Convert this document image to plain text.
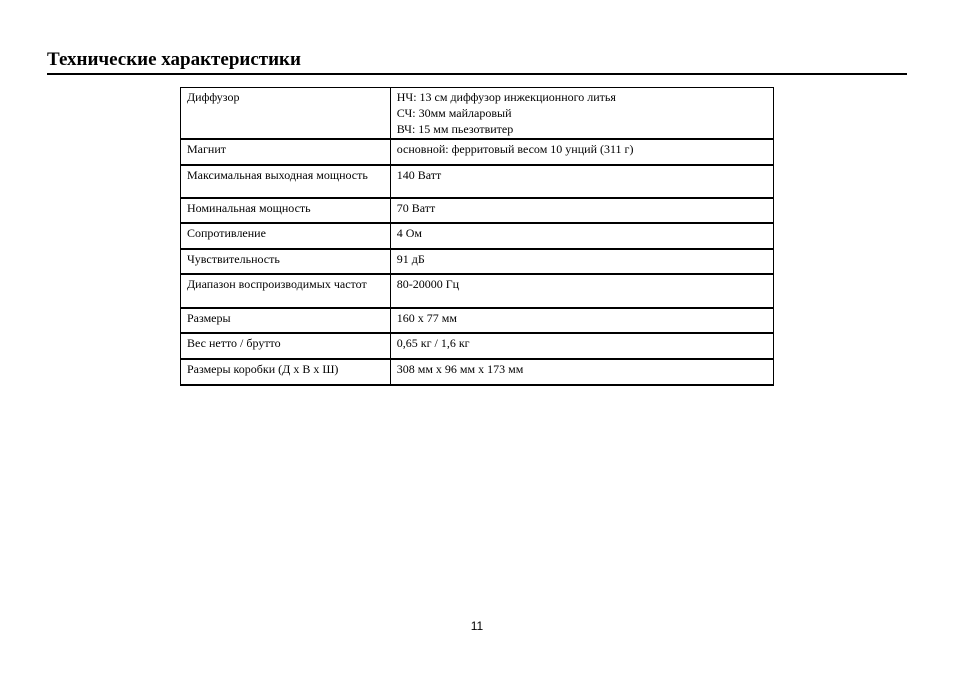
Технические характеристики
Диффузор	НЧ: 13 см диффузор инжекционного литья
СЧ: 30мм майларовый
ВЧ: 15 мм пьезотвитер

Магнит	основной: ферритовый весом 10 унций (311 г)

Максимальная выходная мощность	140 Ватт

Номинальная мощность	70 Ватт

Сопротивление	4 Ом

Чувствительность	91 дБ

Диапазон воспроизводимых частот	80-20000 Гц

Размеры	160 x 77 мм

Вес нетто / брутто	0,65 кг / 1,6 кг

Размеры коробки (Д х В х Ш)	308 мм х 96 мм х 173 мм
11
